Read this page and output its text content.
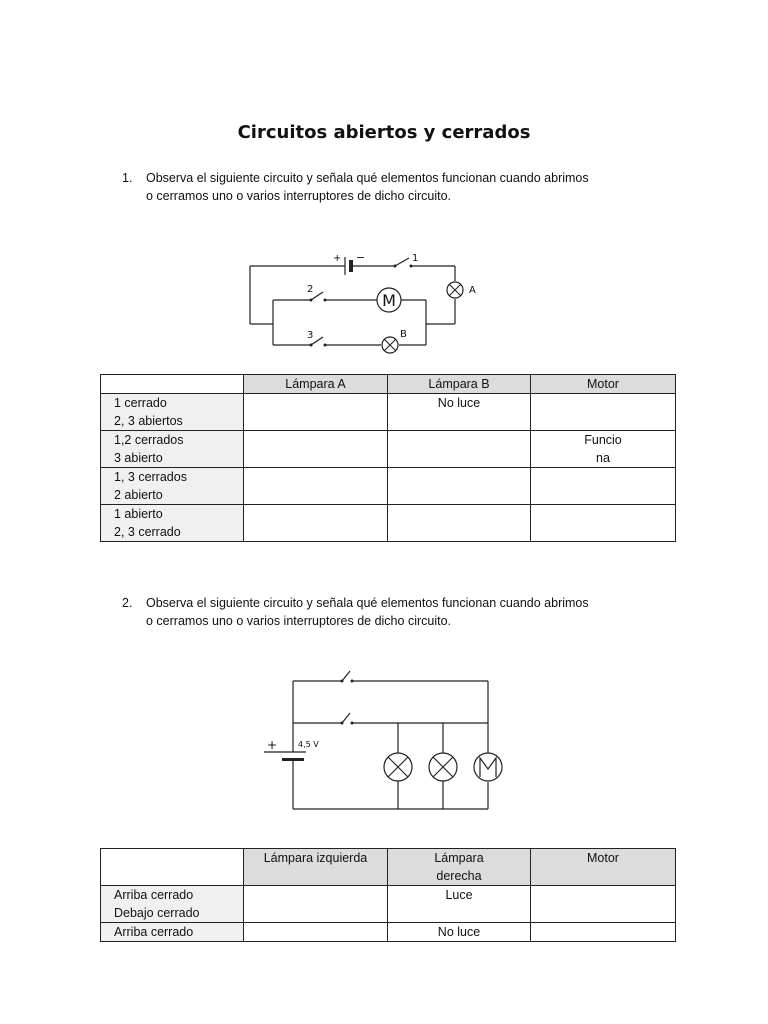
Circuitos abiertos y cerrados
1.	Observa el siguiente circuito y señala qué elementos funcionan cuando abrimos
o cerramos uno o varios interruptores de dicho circuito.
+ −	1
2
3
M
A
B
	Lámpara A	Lámpara B	Motor

1 cerrado
2, 3 abiertos		No luce	

1,2 cerrados
3 abierto			Funcio
na

1, 3 cerrados
2 abierto			

1 abierto
2, 3 cerrado			

2.	Observa el siguiente circuito y señala qué elementos funcionan cuando abrimos
o cerramos uno o varios interruptores de dicho circuito.
+	4,5 V

	Lámpara izquierda	Lámpara
derecha	Motor

Arriba cerrado
Debajo cerrado		Luce	

Arriba cerrado		No luce	
